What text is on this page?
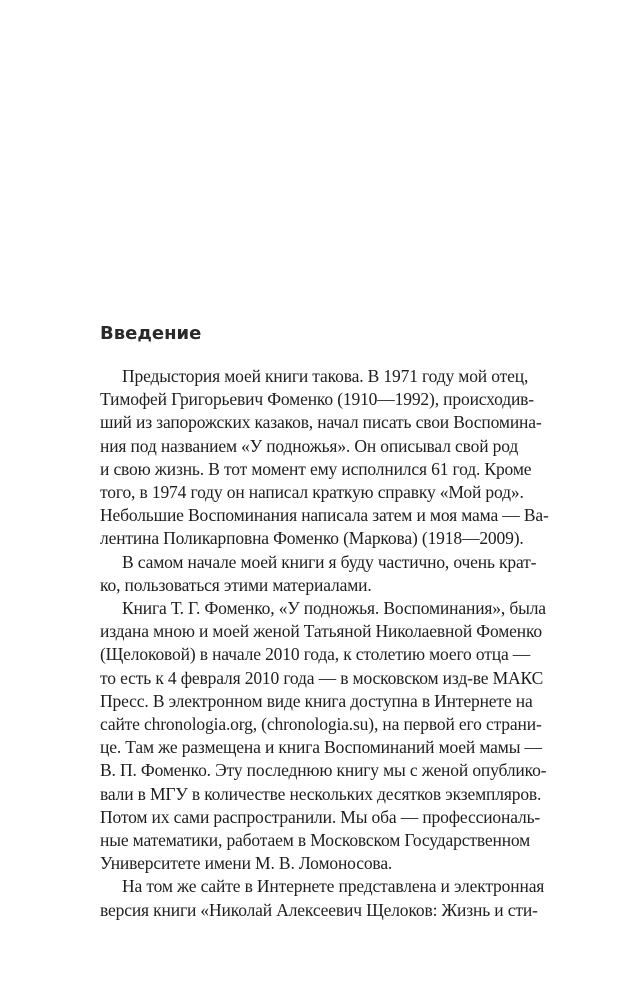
Введение

Предыстория моей книги такова. В 1971 году мой отец,
Тимофей Григорьевич Фоменко (1910—1992), происходив-
ший из запорожских казаков, начал писать свои Воспомина-
ния под названием «У подножья». Он описывал свой род
и свою жизнь. В тот момент ему исполнился 61 год. Кроме
того, в 1974 году он написал краткую справку «Мой род».
Небольшие Воспоминания написала затем и моя мама — Ва-
лентина Поликарповна Фоменко (Маркова) (1918—2009).

В самом начале моей книги я буду частично, очень крат-
ко, пользоваться этими материалами.

Книга Т. Г. Фоменко, «У подножья. Воспоминания», была
издана мною и моей женой Татьяной Николаевной Фоменко
(Щелоковой) в начале 2010 года, к столетию моего отца —
то есть к 4 февраля 2010 года — в московском изд-ве МАКС
Пресс. В электронном виде книга доступна в Интернете на
сайте chronologia.org, (chronologia.su), на первой его страни-
це. Там же размещена и книга Воспоминаний моей мамы —
В. П. Фоменко. Эту последнюю книгу мы с женой опублико-
вали в МГУ в количестве нескольких десятков экземпляров.
Потом их сами распространили. Мы оба — профессиональ-
ные математики, работаем в Московском Государственном
Университете имени М. В. Ломоносова.

На том же сайте в Интернете представлена и электронная
версия книги «Николай Алексеевич Щелоков: Жизнь и сти-
